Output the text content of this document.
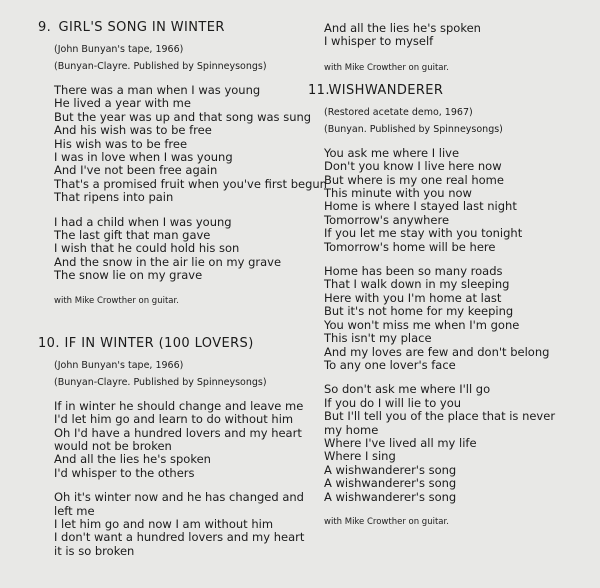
9. GIRL'S SONG IN WINTER

(John Bunyan's tape, 1966)

(Bunyan-Clayre. Published by Spinneysongs)

There was a man when I was young
He lived a year with me
But the year was up and that song was sung
And his wish was to be free
His wish was to be free
I was in love when I was young
And I've not been free again
That's a promised fruit when you've first begun
That ripens into pain
I had a child when I was young
The last gift that man gave
I wish that he could hold his son
And the snow in the air lie on my grave
The snow lie on my grave

with Mike Crowther on guitar.

10. IF IN WINTER (100 LOVERS)

(John Bunyan's tape, 1966)

(Bunyan-Clayre. Published by Spinneysongs)

If in winter he should change and leave me
I'd let him go and learn to do without him
Oh I'd have a hundred lovers and my heart
would not be broken
And all the lies he's spoken
I'd whisper to the others
Oh it's winter now and he has changed and
left me
I let him go and now I am without him
I don't want a hundred lovers and my heart
it is so broken
And all the lies he's spoken
I whisper to myself

with Mike Crowther on guitar.

11. WISHWANDERER

(Restored acetate demo, 1967)

(Bunyan. Published by Spinneysongs)

You ask me where I live
Don't you know I live here now
But where is my one real home
This minute with you now
Home is where I stayed last night
Tomorrow's anywhere
If you let me stay with you tonight
Tomorrow's home will be here
Home has been so many roads
That I walk down in my sleeping
Here with you I'm home at last
But it's not home for my keeping
You won't miss me when I'm gone
This isn't my place
And my loves are few and don't belong
To any one lover's face
So don't ask me where I'll go
If you do I will lie to you
But I'll tell you of the place that is never
my home
Where I've lived all my life
Where I sing
A wishwanderer's song
A wishwanderer's song
A wishwanderer's song

with Mike Crowther on guitar.
